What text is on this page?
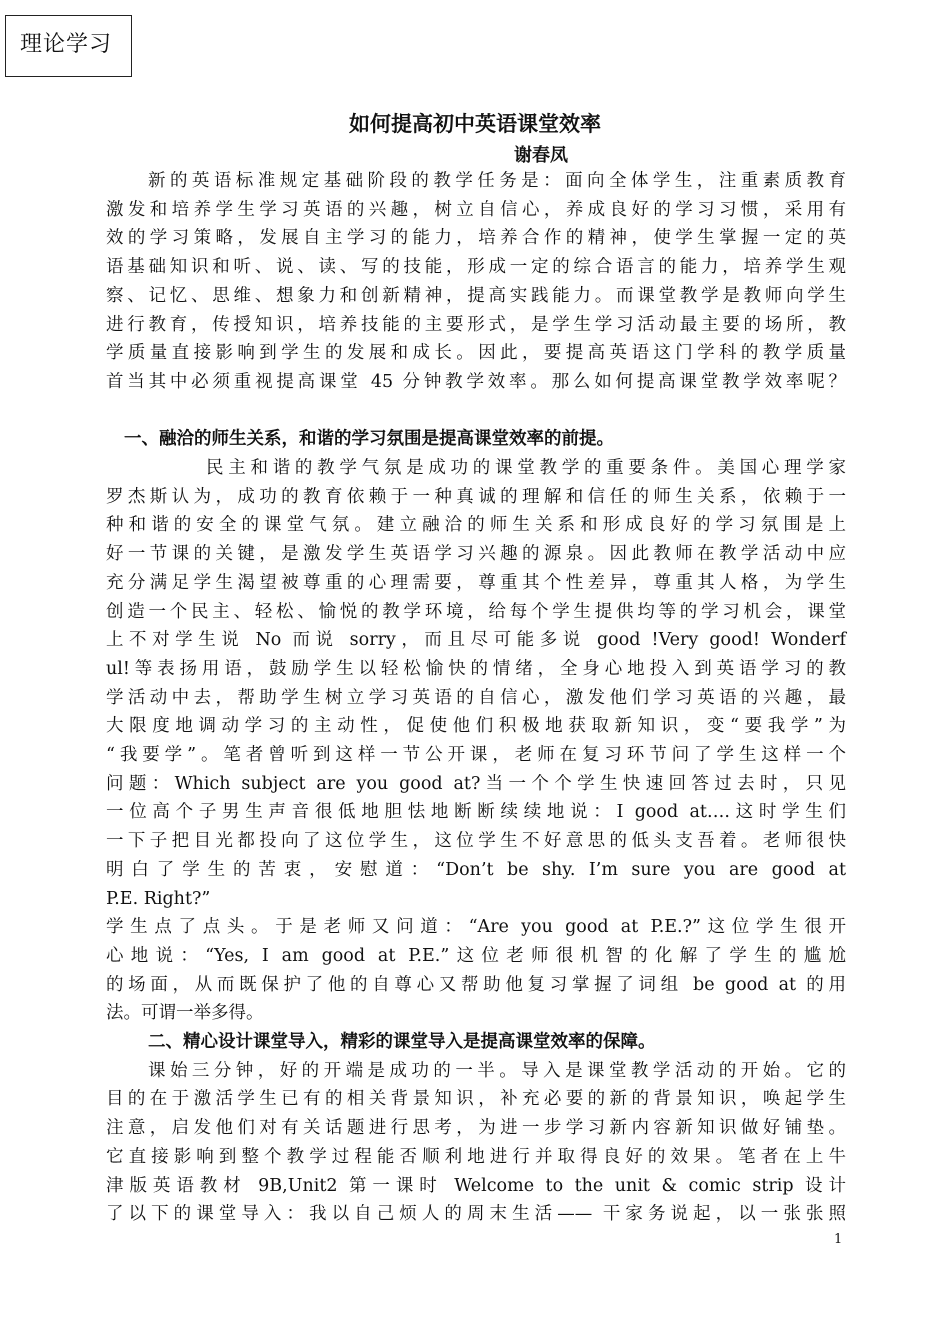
理论学习
如何提高初中英语课堂效率
谢春凤
新的英语标准规定基础阶段的教学任务是：面向全体学生，注重素质教育
激发和培养学生学习英语的兴趣，树立自信心，养成良好的学习习惯，采用有
效的学习策略，发展自主学习的能力，培养合作的精神，使学生掌握一定的英
语基础知识和听、说、读、写的技能，形成一定的综合语言的能力，培养学生观
察、记忆、思维、想象力和创新精神，提高实践能力。而课堂教学是教师向学生
进行教育，传授知识，培养技能的主要形式，是学生学习活动最主要的场所，教
学质量直接影响到学生的发展和成长。因此，要提高英语这门学科的教学质量
首当其中必须重视提高课堂 45 分钟教学效率。那么如何提高课堂教学效率呢？
一、融洽的师生关系，和谐的学习氛围是提高课堂效率的前提。
民主和谐的教学气氛是成功的课堂教学的重要条件。美国心理学家
罗杰斯认为，成功的教育依赖于一种真诚的理解和信任的师生关系，依赖于一
种和谐的安全的课堂气氛。建立融洽的师生关系和形成良好的学习氛围是上
好一节课的关键，是激发学生英语学习兴趣的源泉。因此教师在教学活动中应
充分满足学生渴望被尊重的心理需要，尊重其个性差异，尊重其人格，为学生
创造一个民主、轻松、愉悦的教学环境，给每个学生提供均等的学习机会，课堂
上不对学生说 No 而说 sorry，而且尽可能多说 good !Very good! Wonderf
ul!等表扬用语，鼓励学生以轻松愉快的情绪，全身心地投入到英语学习的教
学活动中去，帮助学生树立学习英语的自信心，激发他们学习英语的兴趣，最
大限度地调动学习的主动性，促使他们积极地获取新知识，变“要我学”为
“我要学”。笔者曾听到这样一节公开课，老师在复习环节问了学生这样一个
问题：Which subject are you good at?当一个个学生快速回答过去时，只见
一位高个子男生声音很低地胆怯地断断续续地说：I good at….这时学生们
一下子把目光都投向了这位学生，这位学生不好意思的低头支吾着。老师很快
明白了学生的苦衷，安慰道：“Don’t be shy. I’m sure you are good at
P.E. Right?”
学生点了点头。于是老师又问道：“Are you good at P.E.?”这位学生很开
心地说：“Yes, I am good at P.E.”这位老师很机智的化解了学生的尴尬
的场面，从而既保护了他的自尊心又帮助他复习掌握了词组 be good at 的用
法。可谓一举多得。
二、精心设计课堂导入，精彩的课堂导入是提高课堂效率的保障。
课始三分钟，好的开端是成功的一半。导入是课堂教学活动的开始。它的
目的在于激活学生已有的相关背景知识，补充必要的新的背景知识，唤起学生
注意，启发他们对有关话题进行思考，为进一步学习新内容新知识做好铺垫。
它直接影响到整个教学过程能否顺利地进行并取得良好的效果。笔者在上牛
津版英语教材 9B,Unit2 第一课时 Welcome to the unit & comic strip 设计
了以下的课堂导入：我以自己烦人的周末生活—— 干家务说起，以一张张照
1
